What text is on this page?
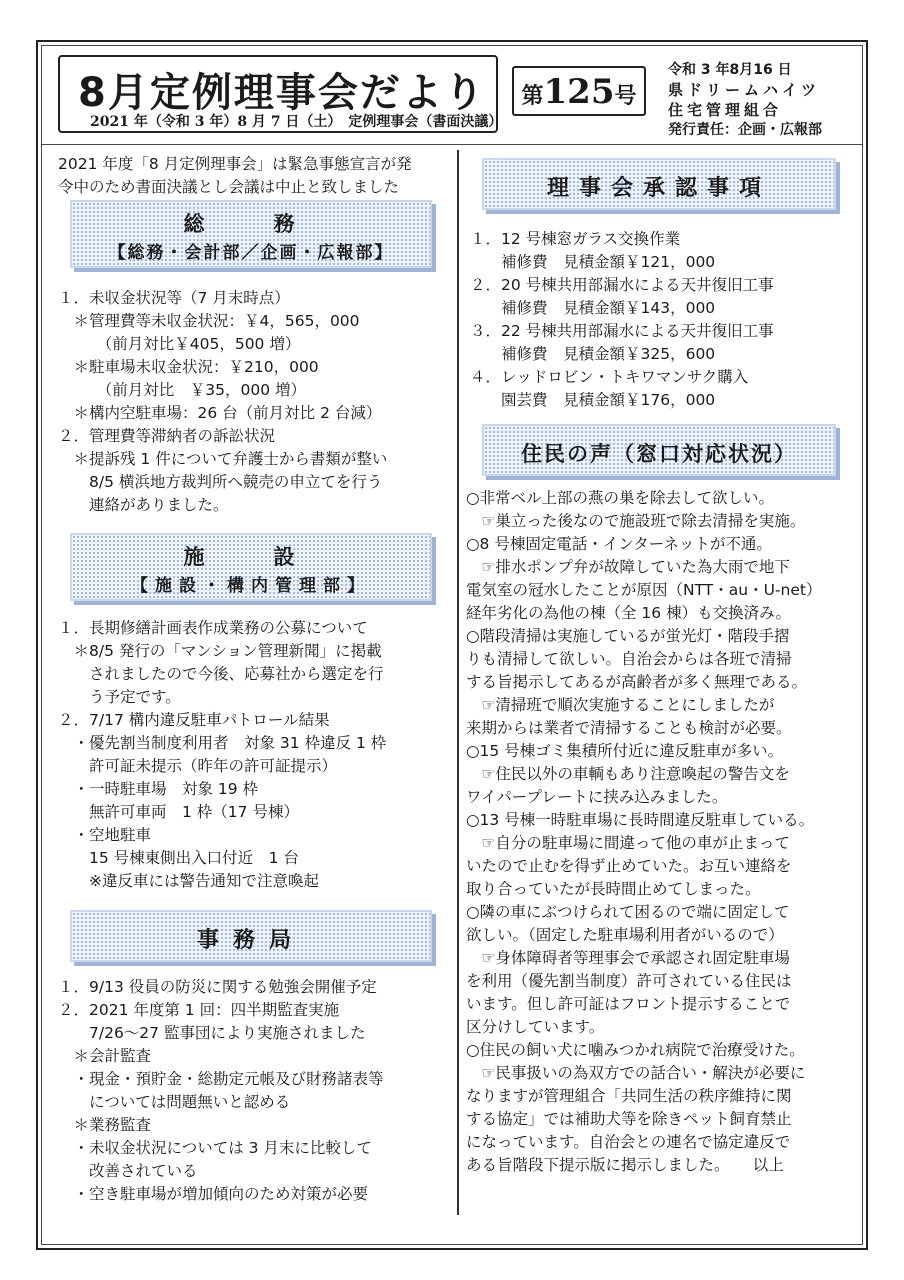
8月定例理事会だより
2021 年（令和 3 年）8 月 7 日（土）　定例理事会（書面決議）
第 125 号
令和 3 年8月16 日
県ドリームハイツ
住宅管理組合
発行責任：企画・広報部
2021 年度「8 月定例理事会」は緊急事態宣言が発
令中のため書面決議とし会議は中止と致しました
総　務
【総務・会計部／企画・広報部】
１．未収金状況等（7 月末時点）
　＊管理費等未収金状況：￥4，565，000
　　　（前月対比￥405，500 増）
　＊駐車場未収金状況：￥210，000
　　　（前月対比　￥35，000 増）
　＊構内空駐車場：26 台（前月対比 2 台減）
２．管理費等滞納者の訴訟状況
　＊提訴残 1 件について弁護士から書類が整い
　　8/5 横浜地方裁判所へ競売の申立てを行う
　　連絡がありました。
施　設
【施設・構内管理部】
１．長期修繕計画表作成業務の公募について
　＊8/5 発行の「マンション管理新聞」に掲載
　　されましたので今後、応募社から選定を行
　　う予定です。
２．7/17 構内違反駐車パトロール結果
　・優先割当制度利用者　対象 31 枠違反 1 枠
　　許可証未提示（昨年の許可証提示）
　・一時駐車場　対象 19 枠
　　無許可車両　1 枠（17 号棟）
　・空地駐車
　　15 号棟東側出入口付近　1 台
　　※違反車には警告通知で注意喚起
事務局
１．9/13 役員の防災に関する勉強会開催予定
２．2021 年度第 1 回：四半期監査実施
　　7/26～27 監事団により実施されました
　＊会計監査
　・現金・預貯金・総勘定元帳及び財務諸表等
　　については問題無いと認める
　＊業務監査
　・未収金状況については 3 月末に比較して
　　改善されている
　・空き駐車場が増加傾向のため対策が必要
理事会承認事項
１．12 号棟窓ガラス交換作業
　　補修費　見積金額￥121，000
２．20 号棟共用部漏水による天井復旧工事
　　補修費　見積金額￥143，000
３．22 号棟共用部漏水による天井復旧工事
　　補修費　見積金額￥325，600
４．レッドロビン・トキワマンサク購入
　　園芸費　見積金額￥176，000
住民の声（窓口対応状況）
○非常ベル上部の燕の巣を除去して欲しい。
　☞巣立った後なので施設班で除去清掃を実施。
○8 号棟固定電話・インターネットが不通。
　☞排水ポンプ弁が故障していた為大雨で地下
電気室の冠水したことが原因（NTT・au・U-net）
経年劣化の為他の棟（全 16 棟）も交換済み。
○階段清掃は実施しているが蛍光灯・階段手摺
りも清掃して欲しい。自治会からは各班で清掃
する旨掲示してあるが高齢者が多く無理である。
　☞清掃班で順次実施することにしましたが
来期からは業者で清掃することも検討が必要。
○15 号棟ゴミ集積所付近に違反駐車が多い。
　☞住民以外の車輌もあり注意喚起の警告文を
ワイパープレートに挟み込みました。
○13 号棟一時駐車場に長時間違反駐車している。
　☞自分の駐車場に間違って他の車が止まって
いたので止むを得ず止めていた。お互い連絡を
取り合っていたが長時間止めてしまった。
○隣の車にぶつけられて困るので端に固定して
欲しい。（固定した駐車場利用者がいるので）
　☞身体障碍者等理事会で承認され固定駐車場
を利用（優先割当制度）許可されている住民は
います。但し許可証はフロント提示することで
区分けしています。
○住民の飼い犬に噛みつかれ病院で治療受けた。
　☞民事扱いの為双方での話合い・解決が必要に
なりますが管理組合「共同生活の秩序維持に関
する協定」では補助犬等を除きペット飼育禁止
になっています。自治会との連名で協定違反で
ある旨階段下提示版に掲示しました。　　以上
